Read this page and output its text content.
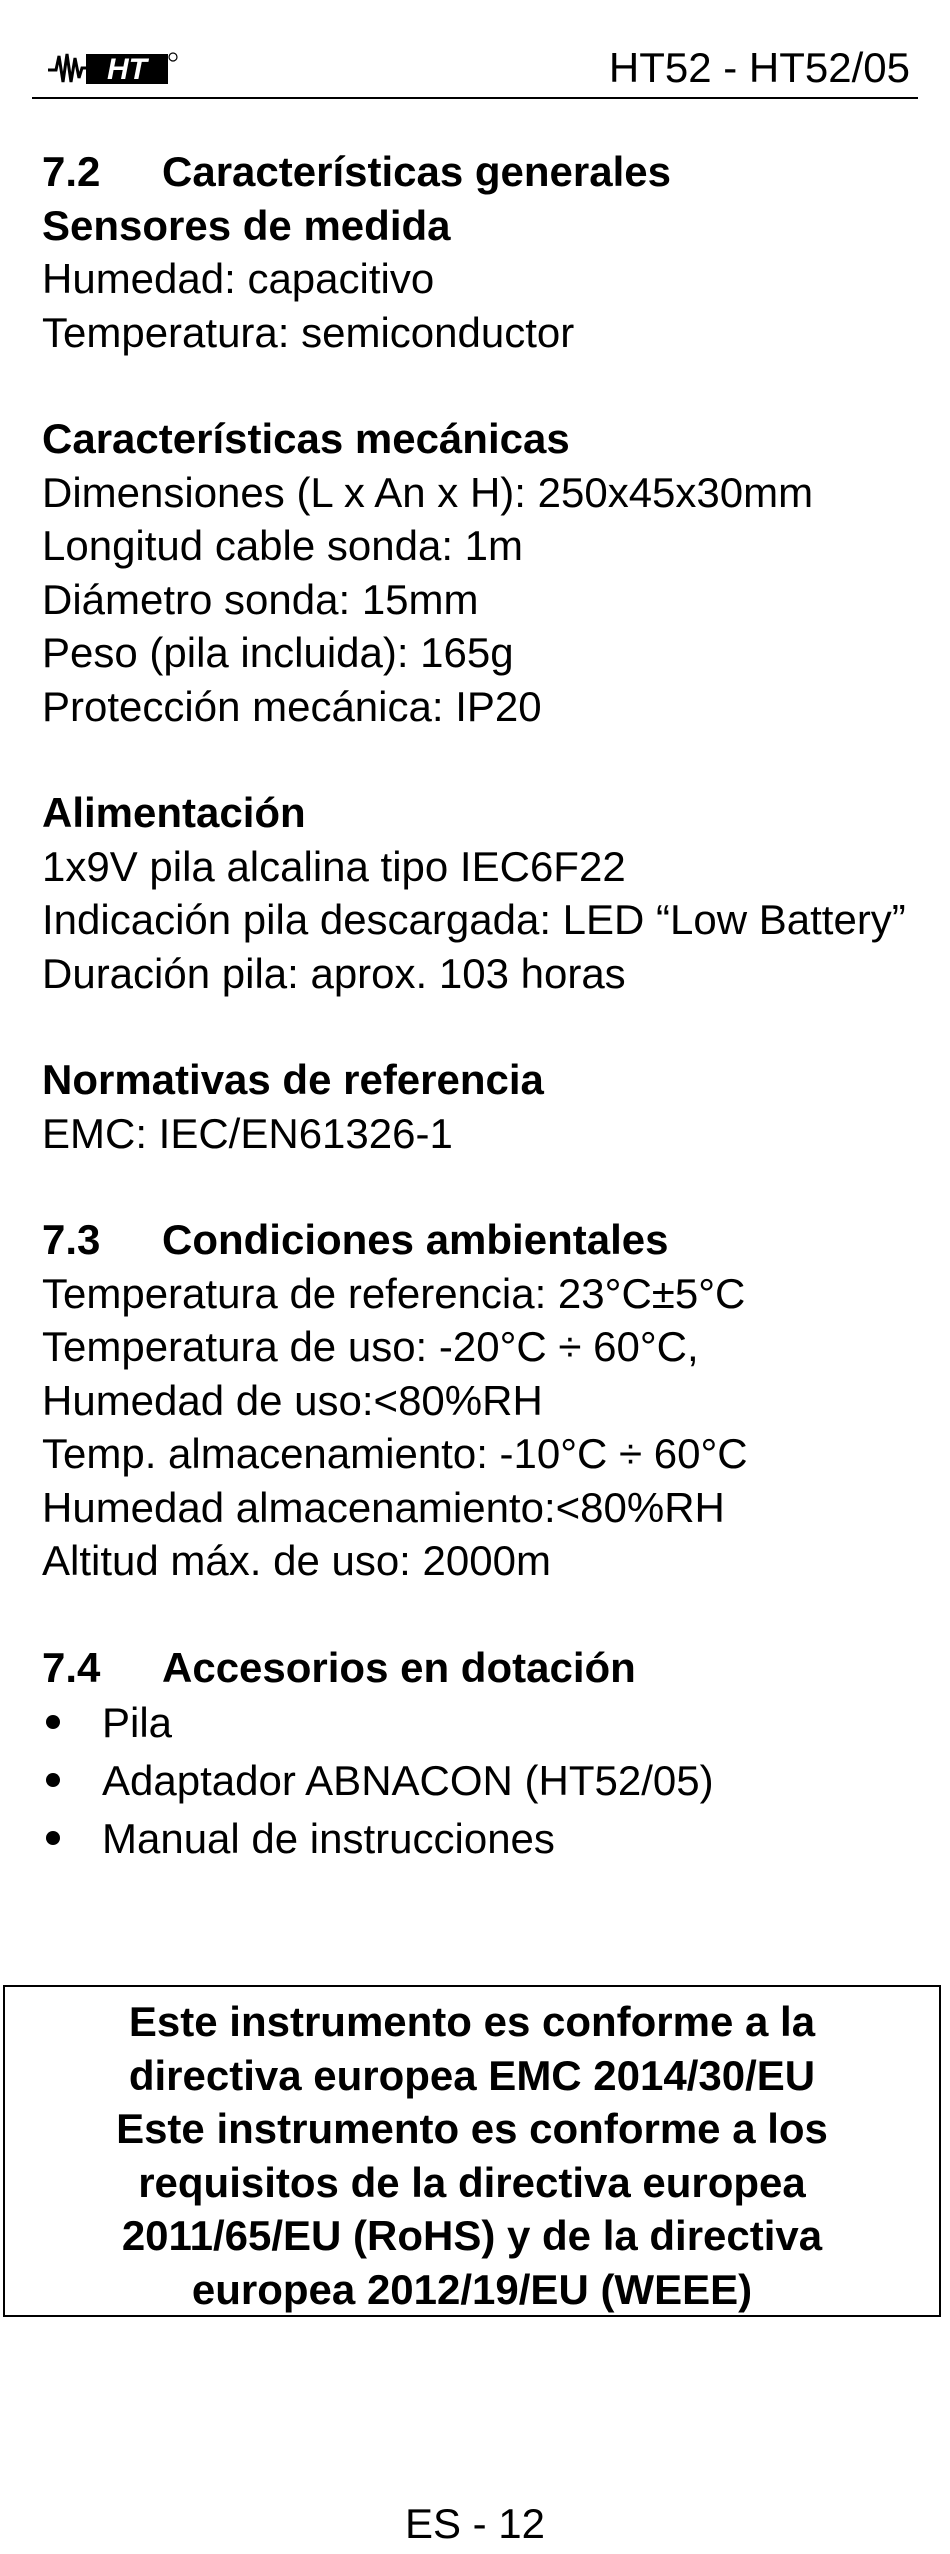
HT	HT52 - HT52/05
7.2 Características generales
Sensores de medida
Humedad: capacitivo
Temperatura: semiconductor
Características mecánicas
Dimensiones (L x An x H): 250x45x30mm
Longitud cable sonda: 1m
Diámetro sonda: 15mm
Peso (pila incluida): 165g
Protección mecánica: IP20
Alimentación
1x9V pila alcalina tipo IEC6F22
Indicación pila descargada: LED “Low Battery”
Duración pila: aprox. 103 horas
Normativas de referencia
EMC: IEC/EN61326-1
7.3 Condiciones ambientales
Temperatura de referencia: 23°C±5°C
Temperatura de uso: -20°C ÷ 60°C,
Humedad de uso:<80%RH
Temp. almacenamiento: -10°C ÷ 60°C
Humedad almacenamiento:<80%RH
Altitud máx. de uso: 2000m
7.4 Accesorios en dotación
Pila
Adaptador ABNACON (HT52/05)
Manual de instrucciones
Este instrumento es conforme a la
directiva europea EMC 2014/30/EU
Este instrumento es conforme a los
requisitos de la directiva europea
2011/65/EU (RoHS) y de la directiva
europea 2012/19/EU (WEEE)
ES - 12
